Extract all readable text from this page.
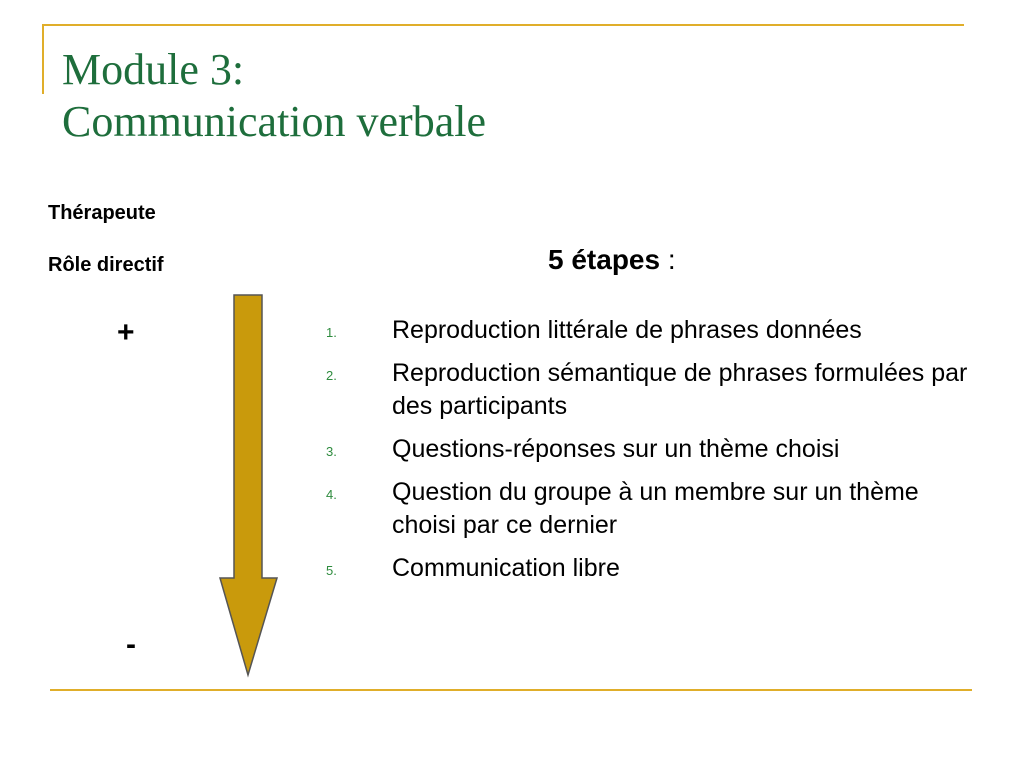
Module 3:
Communication verbale
Thérapeute
Rôle directif
+
-
5 étapes :
1. Reproduction littérale de phrases données
2. Reproduction sémantique de phrases formulées par des participants
3. Questions-réponses sur un thème choisi
4. Question du groupe à un membre sur un thème choisi par ce dernier
5. Communication libre
